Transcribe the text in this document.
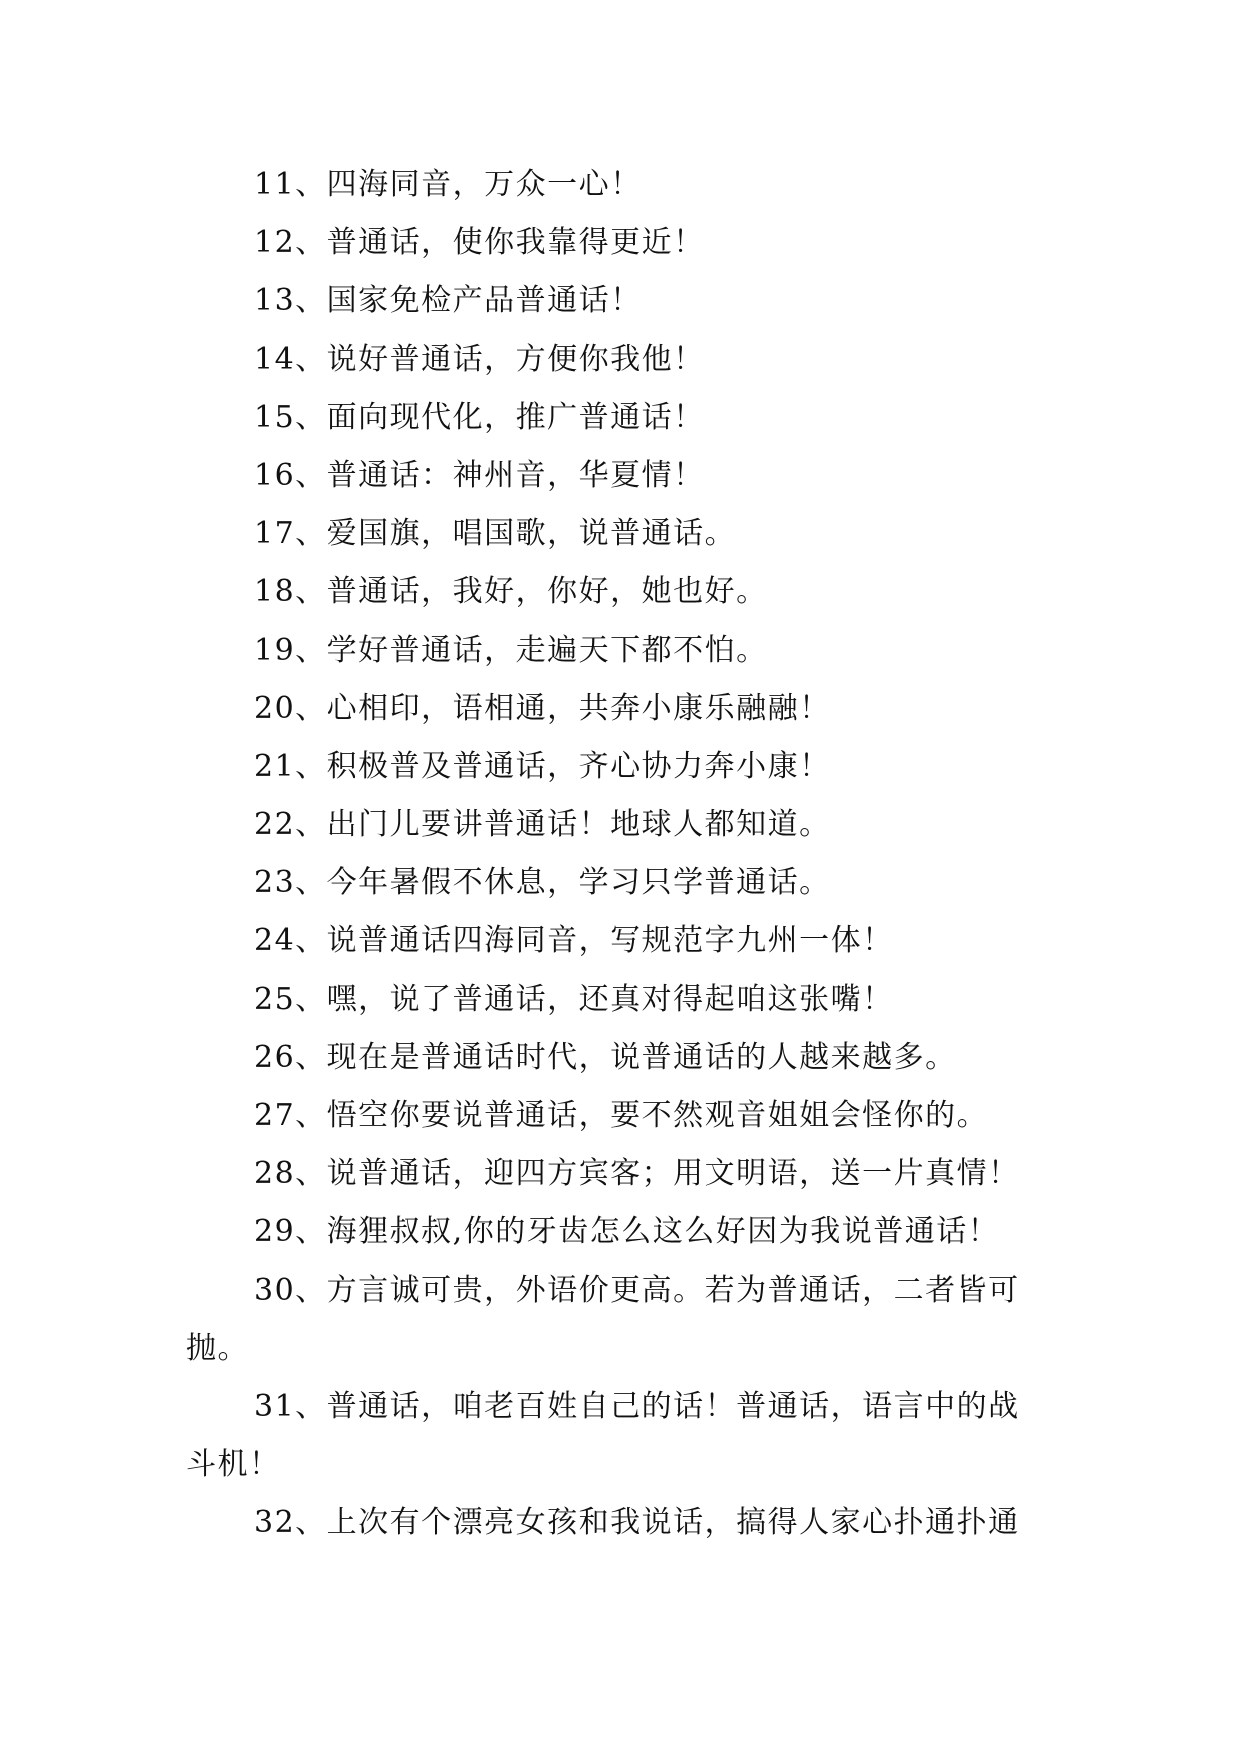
11、四海同音，万众一心！
12、普通话，使你我靠得更近！
13、国家免检产品普通话！
14、说好普通话，方便你我他！
15、面向现代化，推广普通话！
16、普通话：神州音，华夏情！
17、爱国旗，唱国歌，说普通话。
18、普通话，我好，你好，她也好。
19、学好普通话，走遍天下都不怕。
20、心相印，语相通，共奔小康乐融融！
21、积极普及普通话，齐心协力奔小康！
22、出门儿要讲普通话！地球人都知道。
23、今年暑假不休息，学习只学普通话。
24、说普通话四海同音，写规范字九州一体！
25、嘿，说了普通话，还真对得起咱这张嘴！
26、现在是普通话时代，说普通话的人越来越多。
27、悟空你要说普通话，要不然观音姐姐会怪你的。
28、说普通话，迎四方宾客；用文明语，送一片真情！
29、海狸叔叔,你的牙齿怎么这么好因为我说普通话！
30、方言诚可贵，外语价更高。若为普通话，二者皆可
抛。
31、普通话，咱老百姓自己的话！普通话，语言中的战
斗机！
32、上次有个漂亮女孩和我说话，搞得人家心扑通扑通
